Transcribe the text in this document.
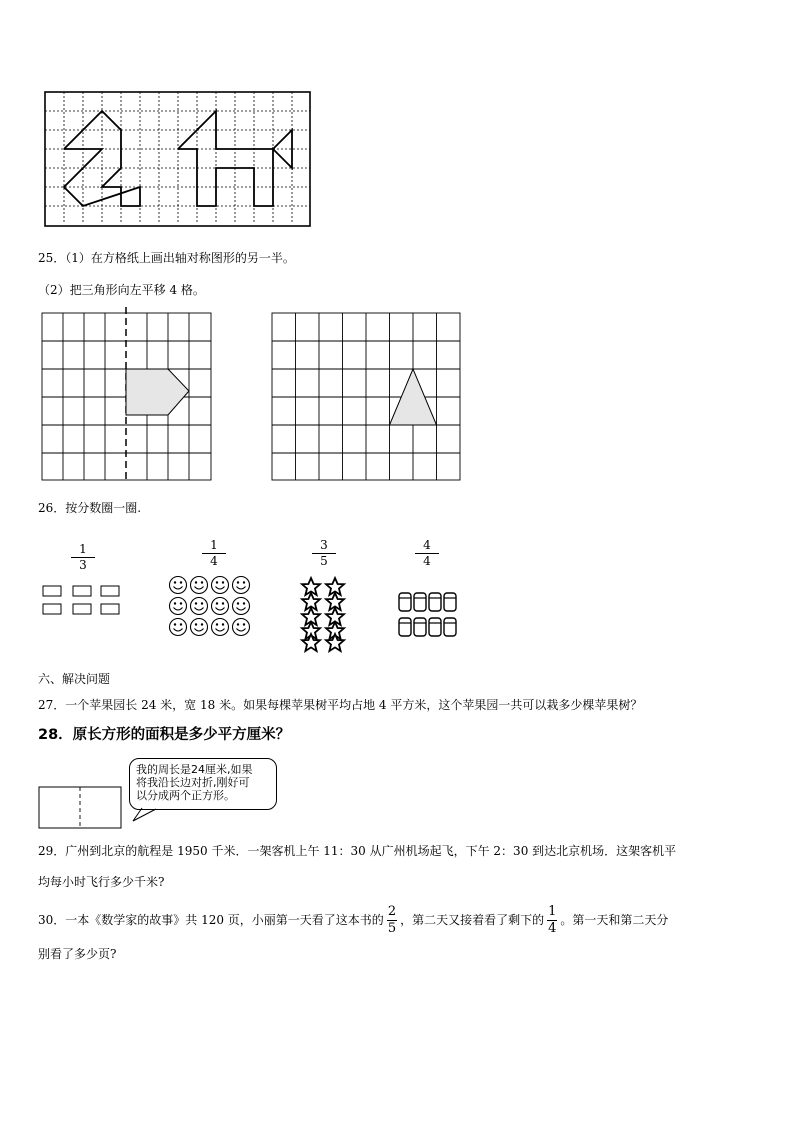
25．（1）在方格纸上画出轴对称图形的另一半。
（2）把三角形向左平移 4 格。
26．按分数圈一圈.
1
3
1
4
3
5
4
4
六、解决问题
27．一个苹果园长 24 米，宽 18 米。如果每棵苹果树平均占地 4 平方米，这个苹果园一共可以栽多少棵苹果树？
28．原长方形的面积是多少平方厘米？
我的周长是24厘米,如果
将我沿长边对折,刚好可
以分成两个正方形。
29．广州到北京的航程是 1950 千米．一架客机上午 11：30 从广州机场起飞，下午 2：30 到达北京机场．这架客机平
均每小时飞行多少千米?
30．一本《数学家的故事》共 120 页，小丽第一天看了这本书的 $\frac{2}{5}$ ，第二天又接着看了剩下的 $\frac{1}{4}$ 。第一天和第二天分
别看了多少页?
